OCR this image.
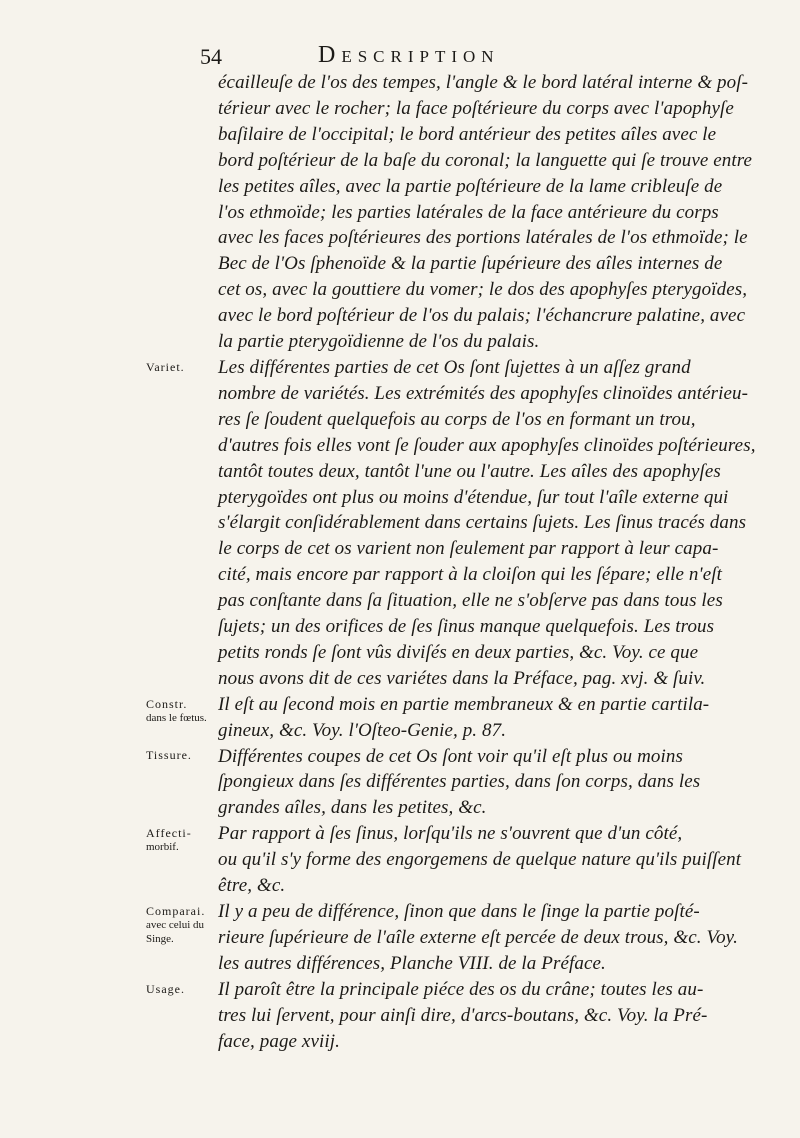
54	Description
écailleuſe de l'os des tempes, l'angle & le bord latéral interne & poſ-
térieur avec le rocher; la face poſtérieure du corps avec l'apophyſe
baſilaire de l'occipital; le bord antérieur des petites aîles avec le
bord poſtérieur de la baſe du coronal; la languette qui ſe trouve entre
les petites aîles, avec la partie poſtérieure de la lame cribleuſe de
l'os ethmoïde; les parties latérales de la face antérieure du corps
avec les faces poſtérieures des portions latérales de l'os ethmoïde; le
Bec de l'Os ſphenoïde & la partie ſupérieure des aîles internes de
cet os, avec la gouttiere du vomer; le dos des apophyſes pterygoïdes,
avec le bord poſtérieur de l'os du palais; l'échancrure palatine, avec
la partie pterygoïdienne de l'os du palais.
Les différentes parties de cet Os ſont ſujettes à un aſſez grand
nombre de variétés. Les extrémités des apophyſes clinoïdes antérieu-
res ſe ſoudent quelquefois au corps de l'os en formant un trou,
d'autres fois elles vont ſe ſouder aux apophyſes clinoïdes poſtérieures,
tantôt toutes deux, tantôt l'une ou l'autre. Les aîles des apophyſes
pterygoïdes ont plus ou moins d'étendue, ſur tout l'aîle externe qui
s'élargit conſidérablement dans certains ſujets. Les ſinus tracés dans
le corps de cet os varient non ſeulement par rapport à leur capa-
cité, mais encore par rapport à la cloiſon qui les ſépare; elle n'eſt
pas conſtante dans ſa ſituation, elle ne s'obſerve pas dans tous les
ſujets; un des orifices de ſes ſinus manque quelquefois. Les trous
petits ronds ſe ſont vûs diviſés en deux parties, &c. Voy. ce que
nous avons dit de ces variétes dans la Préface, pag. xvj. & ſuiv.
Il eſt au ſecond mois en partie membraneux & en partie cartila-
gineux, &c. Voy. l'Oſteo-Genie, p. 87.
Différentes coupes de cet Os ſont voir qu'il eſt plus ou moins
ſpongieux dans ſes différentes parties, dans ſon corps, dans les
grandes aîles, dans les petites, &c.
Par rapport à ſes ſinus, lorſqu'ils ne s'ouvrent que d'un côté,
ou qu'il s'y forme des engorgemens de quelque nature qu'ils puiſſent
être, &c.
Il y a peu de différence, ſinon que dans le ſinge la partie poſté-
rieure ſupérieure de l'aîle externe eſt percée de deux trous, &c. Voy.
les autres différences, Planche VIII. de la Préface.
Il paroît être la principale piéce des os du crâne; toutes les au-
tres lui ſervent, pour ainſi dire, d'arcs-boutans, &c. Voy. la Pré-
face, page xviij.
Variet.
Constr.
dans le fœtus.
Tissure.
Affecti-
morbif.
Comparai.
avec celui du Singe.
Usage.
